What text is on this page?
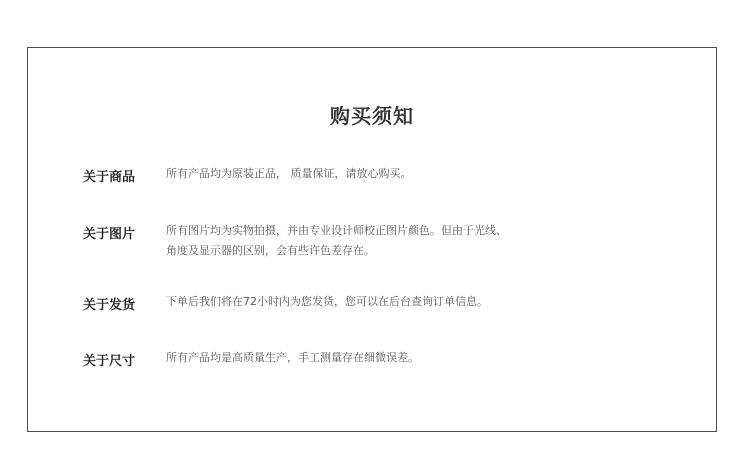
购买须知
关于商品	所有产品均为原装正品， 质量保证，请放心购买。
关于图片	所有图片均为实物拍摄，并由专业设计师校正图片颜色。但由于光线、
角度及显示器的区别，会有些许色差存在。
关于发货	下单后我们将在72小时内为您发货，您可以在后台查询订单信息。
关于尺寸	所有产品均是高质量生产，手工测量存在细微误差。
